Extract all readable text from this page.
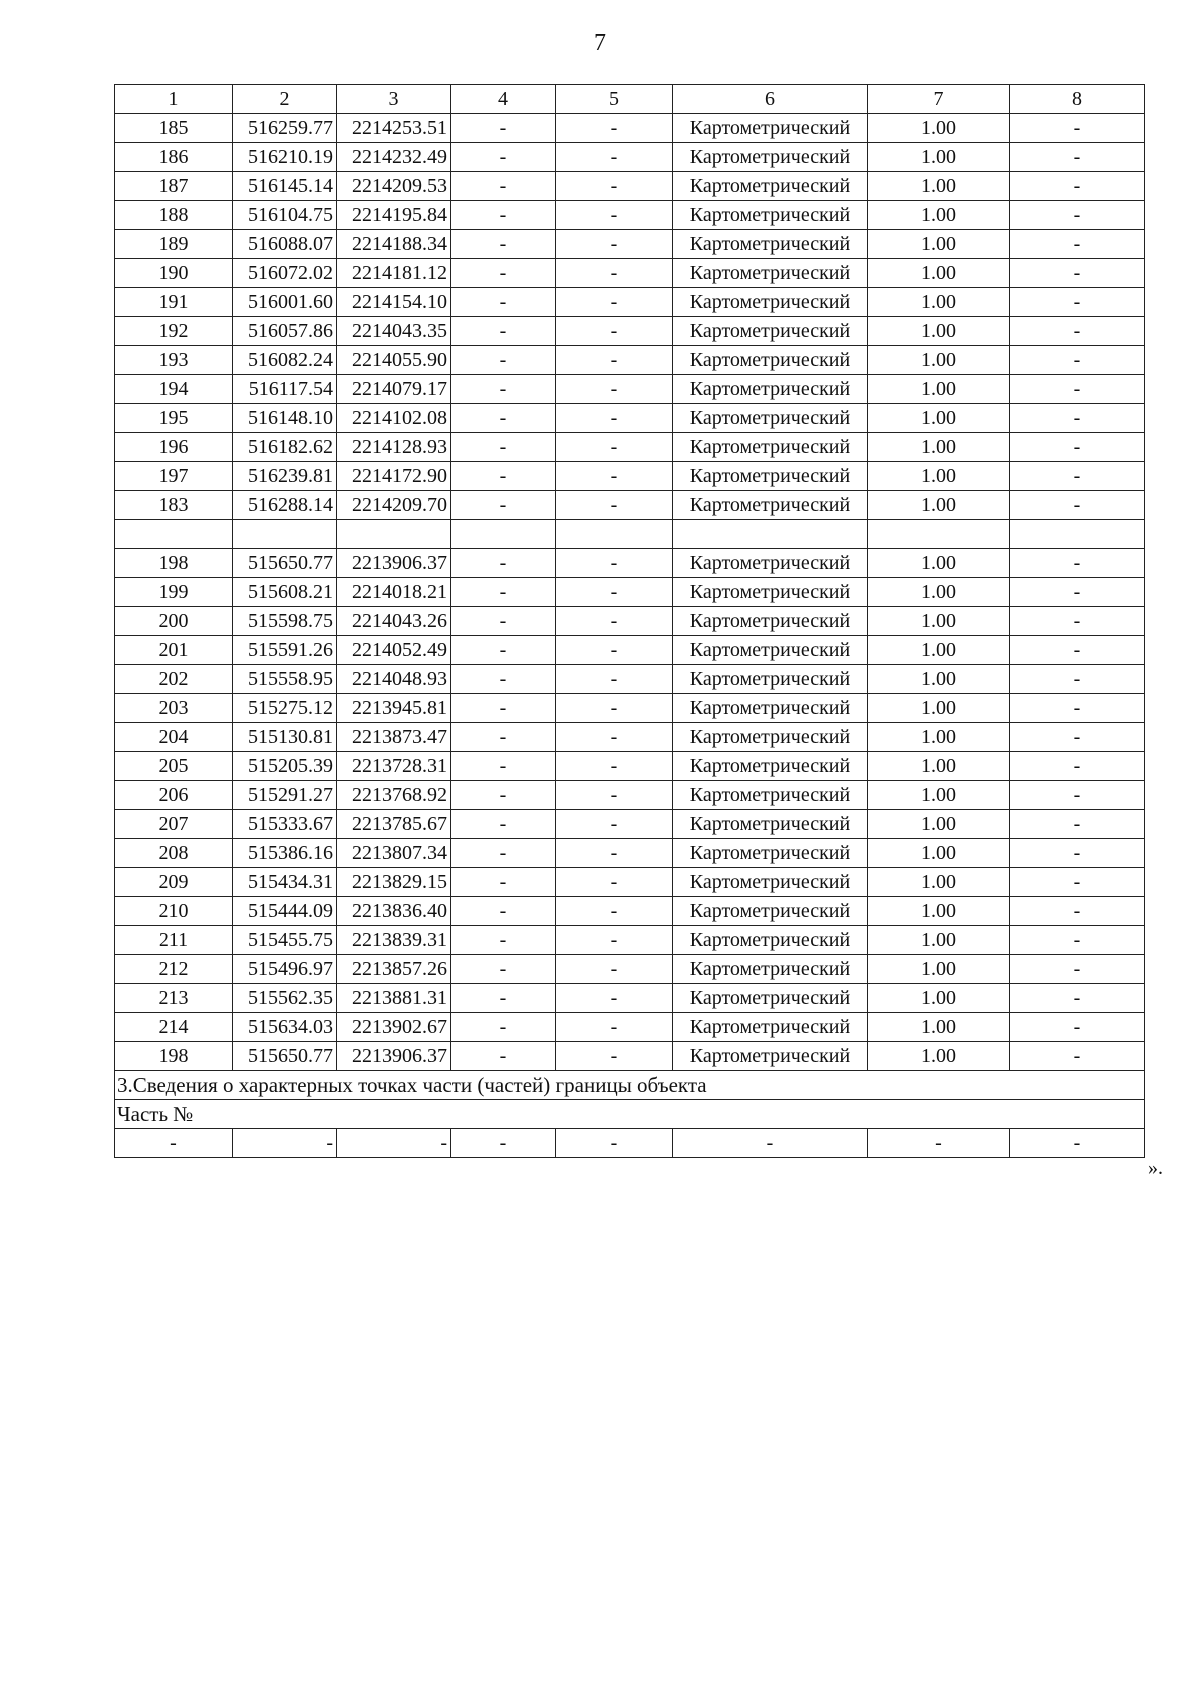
7
1	2	3	4	5	6	7	8
185	516259.77	2214253.51	-	-	Картометрический	1.00	-
186	516210.19	2214232.49	-	-	Картометрический	1.00	-
187	516145.14	2214209.53	-	-	Картометрический	1.00	-
188	516104.75	2214195.84	-	-	Картометрический	1.00	-
189	516088.07	2214188.34	-	-	Картометрический	1.00	-
190	516072.02	2214181.12	-	-	Картометрический	1.00	-
191	516001.60	2214154.10	-	-	Картометрический	1.00	-
192	516057.86	2214043.35	-	-	Картометрический	1.00	-
193	516082.24	2214055.90	-	-	Картометрический	1.00	-
194	516117.54	2214079.17	-	-	Картометрический	1.00	-
195	516148.10	2214102.08	-	-	Картометрический	1.00	-
196	516182.62	2214128.93	-	-	Картометрический	1.00	-
197	516239.81	2214172.90	-	-	Картометрический	1.00	-
183	516288.14	2214209.70	-	-	Картометрический	1.00	-

198	515650.77	2213906.37	-	-	Картометрический	1.00	-
199	515608.21	2214018.21	-	-	Картометрический	1.00	-
200	515598.75	2214043.26	-	-	Картометрический	1.00	-
201	515591.26	2214052.49	-	-	Картометрический	1.00	-
202	515558.95	2214048.93	-	-	Картометрический	1.00	-
203	515275.12	2213945.81	-	-	Картометрический	1.00	-
204	515130.81	2213873.47	-	-	Картометрический	1.00	-
205	515205.39	2213728.31	-	-	Картометрический	1.00	-
206	515291.27	2213768.92	-	-	Картометрический	1.00	-
207	515333.67	2213785.67	-	-	Картометрический	1.00	-
208	515386.16	2213807.34	-	-	Картометрический	1.00	-
209	515434.31	2213829.15	-	-	Картометрический	1.00	-
210	515444.09	2213836.40	-	-	Картометрический	1.00	-
211	515455.75	2213839.31	-	-	Картометрический	1.00	-
212	515496.97	2213857.26	-	-	Картометрический	1.00	-
213	515562.35	2213881.31	-	-	Картометрический	1.00	-
214	515634.03	2213902.67	-	-	Картометрический	1.00	-
198	515650.77	2213906.37	-	-	Картометрический	1.00	-
3.Сведения о характерных точках части (частей) границы объекта							
Часть №							
-	-	-	-	-	-	-	-
».
